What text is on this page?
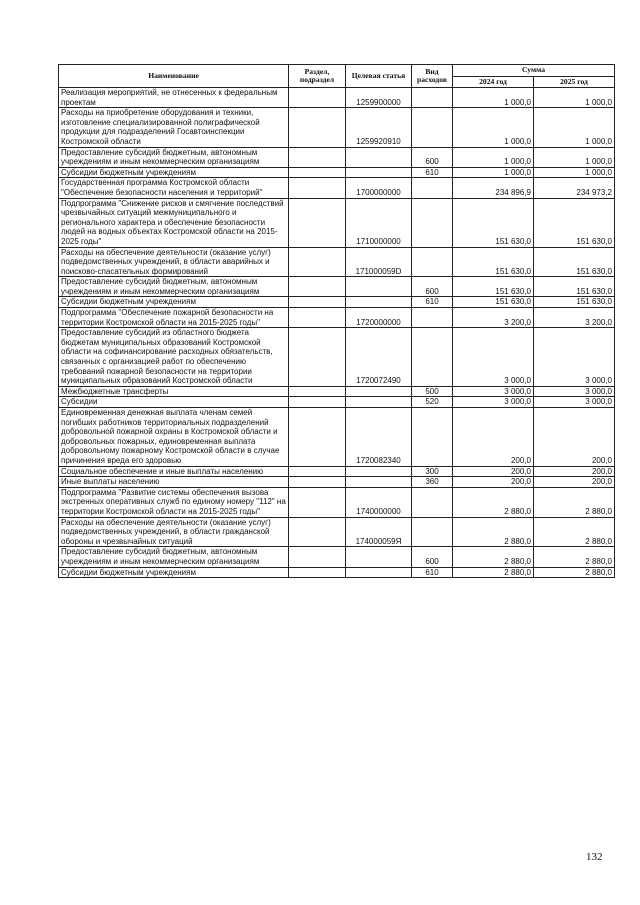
Наименование	Раздел, подраздел	Целевая статья	Вид расходов	Сумма	
				2024 год	2025 год
Реализация мероприятий, не отнесенных к федеральным проектам		1259900000		1 000,0	1 000,0
Расходы на приобретение оборудования и техники, изготовление специализированной полиграфической продукции для подразделений Госавтоинспекции Костромской области		1259920910		1 000,0	1 000,0
Предоставление субсидий бюджетным, автономным учреждениям и иным некоммерческим организациям			600	1 000,0	1 000,0
Субсидии бюджетным учреждениям			610	1 000,0	1 000,0
Государственная программа Костромской области "Обеспечение безопасности населения и территорий"		1700000000		234 896,9	234 973,2
Подпрограмма "Снижение рисков и смягчение последствий чрезвычайных ситуаций межмуниципального и регионального характера и обеспечение безопасности людей на водных объектах Костромской области на 2015-2025 годы"		1710000000		151 630,0	151 630,0
Расходы на обеспечение деятельности (оказание услуг) подведомственных учреждений, в области аварийных и поисково-спасательных формирований		171000059D		151 630,0	151 630,0
Предоставление субсидий бюджетным, автономным учреждениям и иным некоммерческим организациям			600	151 630,0	151 630,0
Субсидии бюджетным учреждениям			610	151 630,0	151 630,0
Подпрограмма "Обеспечение пожарной безопасности на территории Костромской области на 2015-2025 годы"		1720000000		3 200,0	3 200,0
Предоставление субсидий из областного бюджета бюджетам муниципальных образований Костромской области на софинансирование расходных обязательств, связанных с организацией работ по обеспечению требований пожарной безопасности на территории муниципальных образований Костромской области		1720072490		3 000,0	3 000,0
Межбюджетные трансферты			500	3 000,0	3 000,0
Субсидии			520	3 000,0	3 000,0
Единовременная денежная выплата членам семей погибших работников территориальных подразделений добровольной пожарной охраны в Костромской области и добровольных пожарных, единовременная выплата добровольному пожарному Костромской области в случае причинения вреда его здоровью		1720082340		200,0	200,0
Социальное обеспечение и иные выплаты населению			300	200,0	200,0
Иные выплаты населению			360	200,0	200,0
Подпрограмма "Развитие системы обеспечения вызова экстренных оперативных служб по единому номеру "112" на территории Костромской области на 2015-2025 годы"		1740000000		2 880,0	2 880,0
Расходы на обеспечение деятельности (оказание услуг) подведомственных учреждений, в области гражданской обороны и чрезвычайных ситуаций		174000059Я		2 880,0	2 880,0
Предоставление субсидий бюджетным, автономным учреждениям и иным некоммерческим организациям			600	2 880,0	2 880,0
Субсидии бюджетным учреждениям			610	2 880,0	2 880,0
132
